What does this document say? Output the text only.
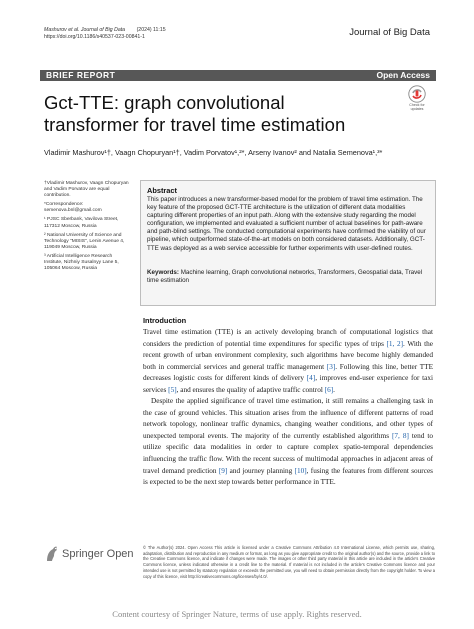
Mashurov et al. Journal of Big Data (2024) 11:15
https://doi.org/10.1186/s40537-023-00841-1	Journal of Big Data
BRIEF REPORT	Open Access
Gct-TTE: graph convolutional transformer for travel time estimation
Check for
updates
Vladimir Mashurov¹†, Vaagn Chopuryan¹†, Vadim Porvatov¹,²*, Arseny Ivanov² and Natalia Semenova¹,³*

†Vladimir Mashurov, Vaagn Chopuryan and Vadim Porvatov are equal contribution.

*Correspondence: semenova.bnl@gmail.com

¹ PJSC Sberbank, Vavilova Street, 117312 Moscow, Russia

² National University of Science and Technology “MISIS”, Lenin Avenue 4, 119049 Moscow, Russia

³ Artificial Intelligence Research Institute, Nizhniy Susalnyy Lane 5, 105064 Moscow, Russia

Abstract
This paper introduces a new transformer-based model for the problem of travel time estimation. The key feature of the proposed GCT-TTE architecture is the utilization of different data modalities capturing different properties of an input path. Along with the extensive study regarding the model configuration, we implemented and evaluated a sufficient number of actual baselines for path-aware and path-blind settings. The conducted computational experiments have confirmed the viability of our pipeline, which outperformed state-of-the-art models on both considered datasets. Additionally, GCT-TTE was deployed as a web service accessible for further experiments with user-defined routes.
Keywords: Machine learning, Graph convolutional networks, Transformers, Geospatial data, Travel time estimation
Introduction

Travel time estimation (TTE) is an actively developing branch of computational logistics that considers the prediction of potential time expenditures for specific types of trips [1, 2]. With the recent growth of urban environment complexity, such algorithms have become highly demanded both in commercial services and general traffic management [3]. Following this line, better TTE decreases logistic costs for different kinds of delivery [4], improves end-user experience for taxi services [5], and ensures the quality of adaptive traffic control [6].

Despite the applied significance of travel time estimation, it still remains a challenging task in the case of ground vehicles. This situation arises from the influence of different patterns of road network topology, nonlinear traffic dynamics, changing weather conditions, and other types of unexpected temporal events. The majority of the currently established algorithms [7, 8] tend to utilize specific data modalities in order to capture complex spatio-temporal dependencies influencing the traffic flow. With the recent success of multimodal approaches in adjacent areas of travel demand prediction [9] and journey planning [10], fusing the features from different sources is expected to be the next step towards better performance in TTE.

Springer Open
© The Author(s) 2024. Open Access This article is licensed under a Creative Commons Attribution 4.0 International License, which permits use, sharing, adaptation, distribution and reproduction in any medium or format, as long as you give appropriate credit to the original author(s) and the source, provide a link to the Creative Commons licence, and indicate if changes were made. The images or other third party material in this article are included in the article's Creative Commons licence, unless indicated otherwise in a credit line to the material. If material is not included in the article's Creative Commons licence and your intended use is not permitted by statutory regulation or exceeds the permitted use, you will need to obtain permission directly from the copyright holder. To view a copy of this licence, visit http://creativecommons.org/licenses/by/4.0/.
Content courtesy of Springer Nature, terms of use apply. Rights reserved.
